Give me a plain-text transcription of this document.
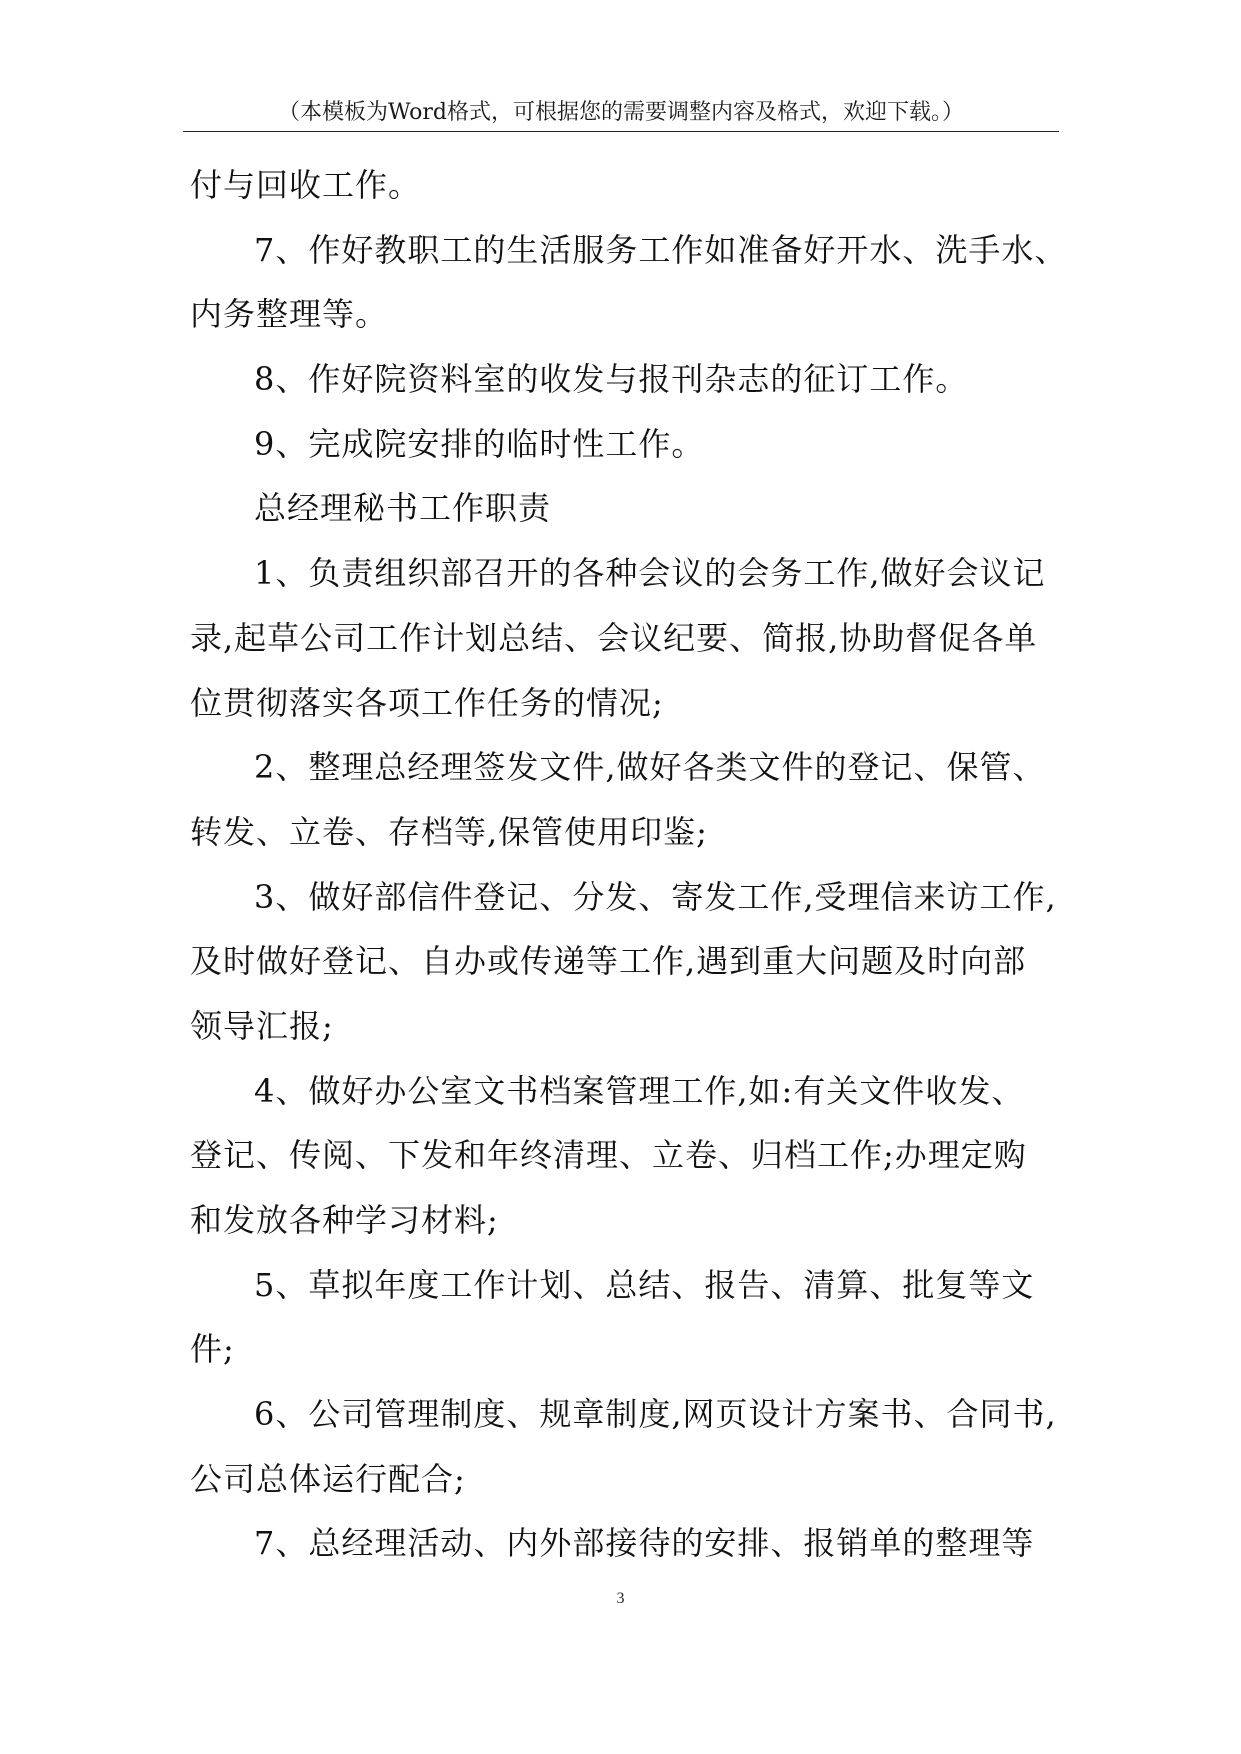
（本模板为Word格式，可根据您的需要调整内容及格式，欢迎下载。）
付与回收工作。
7、作好教职工的生活服务工作如准备好开水、洗手水、
内务整理等。
8、作好院资料室的收发与报刊杂志的征订工作。
9、完成院安排的临时性工作。
总经理秘书工作职责
1、负责组织部召开的各种会议的会务工作,做好会议记
录,起草公司工作计划总结、会议纪要、简报,协助督促各单
位贯彻落实各项工作任务的情况;
2、整理总经理签发文件,做好各类文件的登记、保管、
转发、立卷、存档等,保管使用印鉴;
3、做好部信件登记、分发、寄发工作,受理信来访工作,
及时做好登记、自办或传递等工作,遇到重大问题及时向部
领导汇报;
4、做好办公室文书档案管理工作,如:有关文件收发、
登记、传阅、下发和年终清理、立卷、归档工作;办理定购
和发放各种学习材料;
5、草拟年度工作计划、总结、报告、清算、批复等文
件;
6、公司管理制度、规章制度,网页设计方案书、合同书,
公司总体运行配合;
7、总经理活动、内外部接待的安排、报销单的整理等
3
